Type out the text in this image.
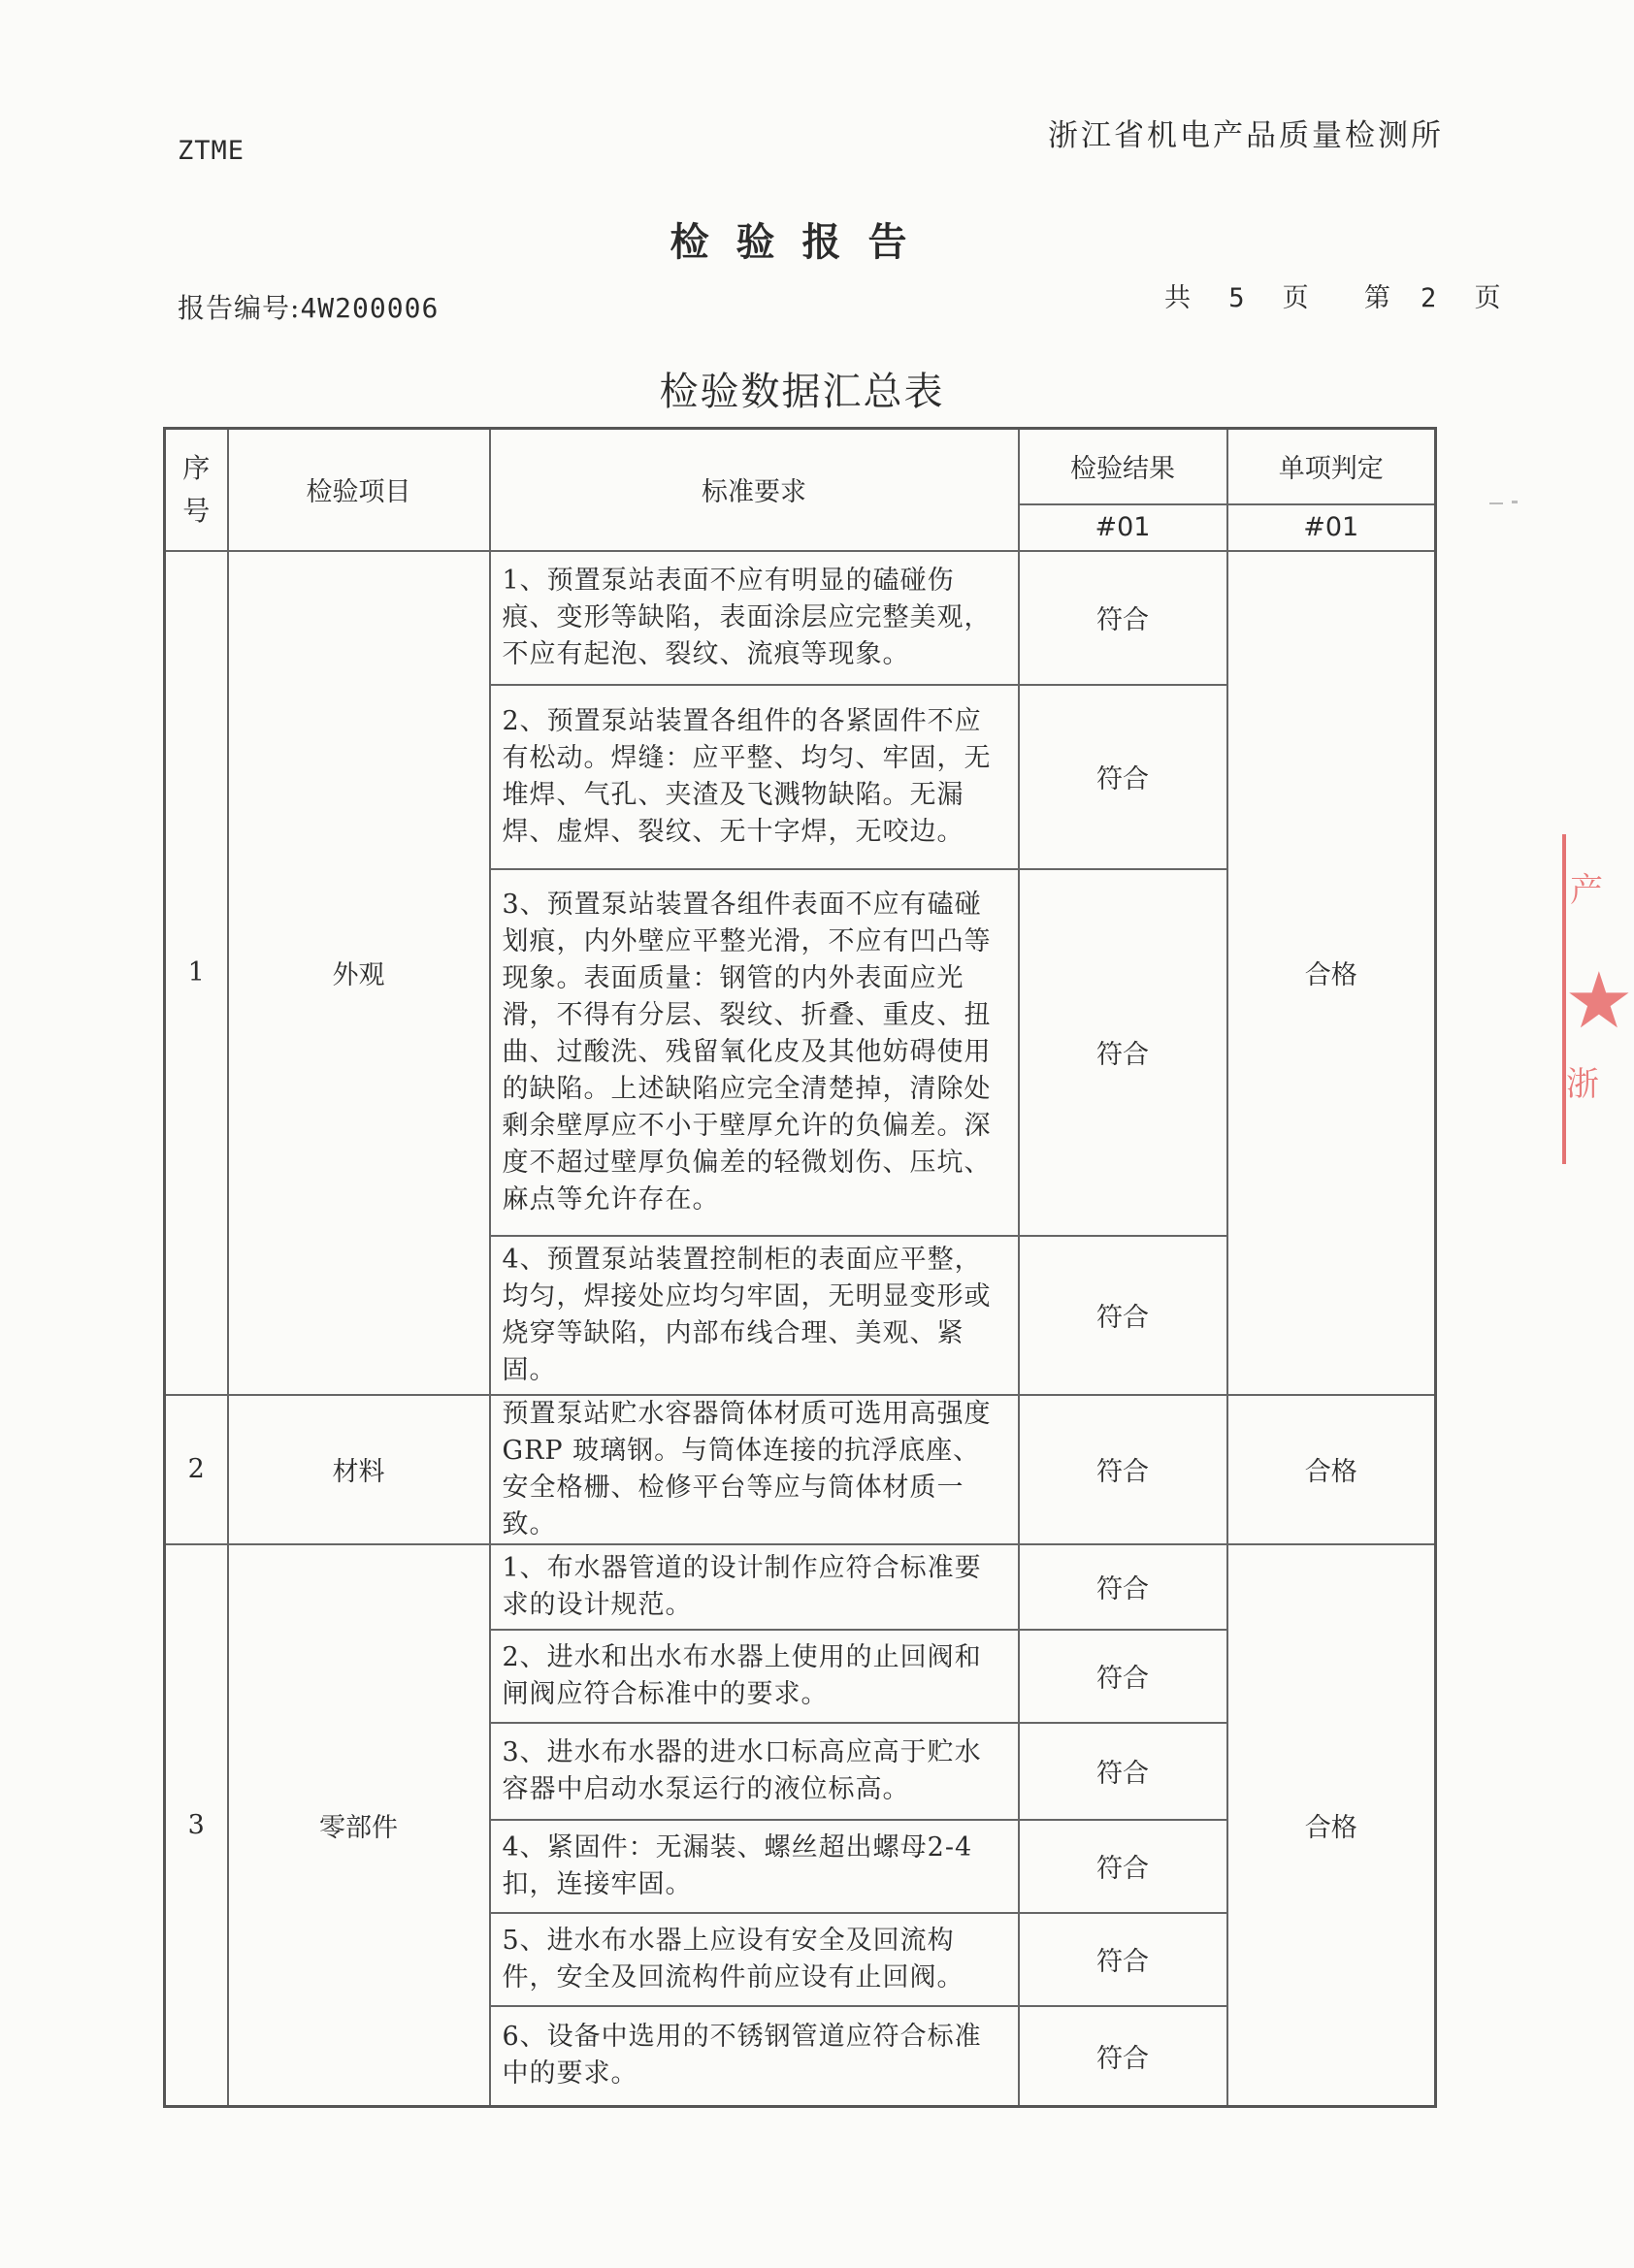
ZTME	浙江省机电产品质量检测所
检验报告
报告编号:4W200006	共 5 页 第 2 页
检验数据汇总表
序号	检验项目	标准要求	检验结果	单项判定
			#01	#01
1	外观	1、预置泵站表面不应有明显的磕碰伤痕、变形等缺陷，表面涂层应完整美观，不应有起泡、裂纹、流痕等现象。	符合	合格
		2、预置泵站装置各组件的各紧固件不应有松动。焊缝：应平整、均匀、牢固，无堆焊、气孔、夹渣及飞溅物缺陷。无漏焊、虚焊、裂纹、无十字焊，无咬边。	符合	
		3、预置泵站装置各组件表面不应有磕碰划痕，内外壁应平整光滑，不应有凹凸等现象。表面质量：钢管的内外表面应光滑，不得有分层、裂纹、折叠、重皮、扭曲、过酸洗、残留氧化皮及其他妨碍使用的缺陷。上述缺陷应完全清楚掉，清除处剩余壁厚应不小于壁厚允许的负偏差。深度不超过壁厚负偏差的轻微划伤、压坑、麻点等允许存在。	符合	
		4、预置泵站装置控制柜的表面应平整，均匀，焊接处应均匀牢固，无明显变形或烧穿等缺陷，内部布线合理、美观、紧固。	符合	
2	材料	预置泵站贮水容器筒体材质可选用高强度 GRP 玻璃钢。与筒体连接的抗浮底座、安全格栅、检修平台等应与筒体材质一致。	符合	合格
3	零部件	1、布水器管道的设计制作应符合标准要求的设计规范。	符合	合格
		2、进水和出水布水器上使用的止回阀和闸阀应符合标准中的要求。	符合	
		3、进水布水器的进水口标高应高于贮水容器中启动水泵运行的液位标高。	符合	
		4、紧固件：无漏装、螺丝超出螺母2-4扣，连接牢固。	符合	
		5、进水布水器上应设有安全及回流构件，安全及回流构件前应设有止回阀。	符合	
		6、设备中选用的不锈钢管道应符合标准中的要求。	符合	
产
★
浙
